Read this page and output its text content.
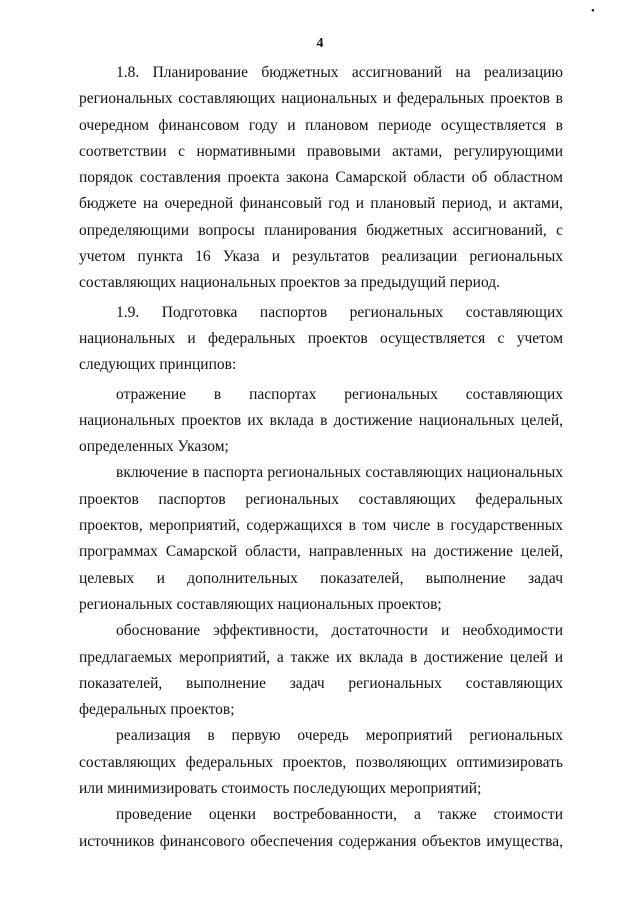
•
4

1.8. Планирование бюджетных ассигнований на реализацию региональных составляющих национальных и федеральных проектов в очередном финансовом году и плановом периоде осуществляется в соответствии с нормативными правовыми актами, регулирующими порядок составления проекта закона Самарской области об областном бюджете на очередной финансовый год и плановый период, и актами, определяющими вопросы планирования бюджетных ассигнований, с учетом пункта 16 Указа и результатов реализации региональных составляющих национальных проектов за предыдущий период.

1.9. Подготовка паспортов региональных составляющих национальных и федеральных проектов осуществляется с учетом следующих принципов:

отражение в паспортах региональных составляющих национальных проектов их вклада в достижение национальных целей, определенных Указом;

включение в паспорта региональных составляющих национальных проектов паспортов региональных составляющих федеральных проектов, мероприятий, содержащихся в том числе в государственных программах Самарской области, направленных на достижение целей, целевых и дополнительных показателей, выполнение задач региональных составляющих национальных проектов;

обоснование эффективности, достаточности и необходимости предлагаемых мероприятий, а также их вклада в достижение целей и показателей, выполнение задач региональных составляющих федеральных проектов;

реализация в первую очередь мероприятий региональных составляющих федеральных проектов, позволяющих оптимизировать или минимизировать стоимость последующих мероприятий;

проведение оценки востребованности, а также стоимости источников финансового обеспечения содержания объектов имущества,
